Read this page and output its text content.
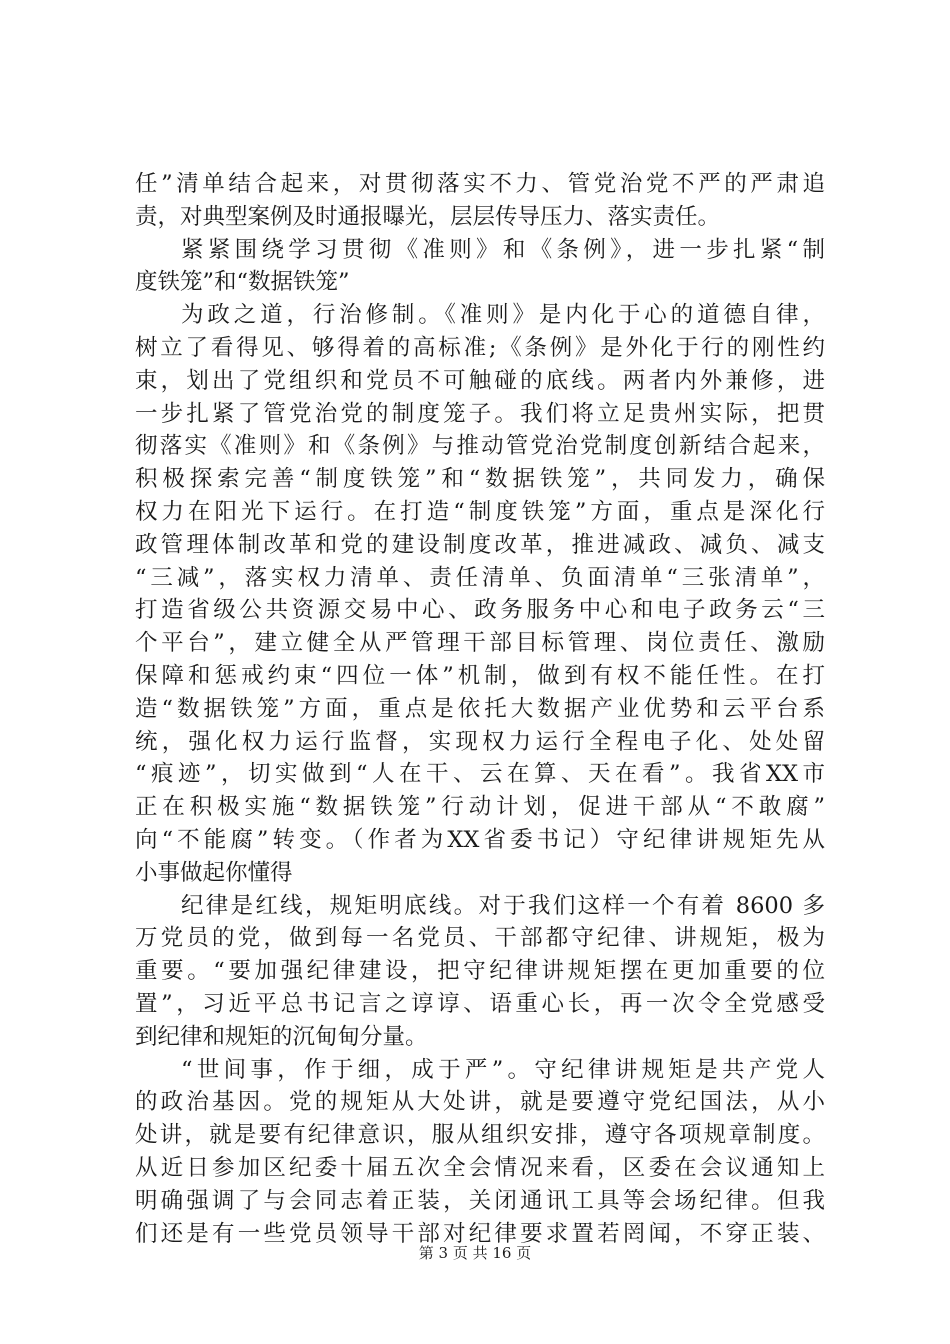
任”清单结合起来，对贯彻落实不力、管党治党不严的严肃追
责，对典型案例及时通报曝光，层层传导压力、落实责任。
紧紧围绕学习贯彻《准则》和《条例》，进一步扎紧“制
度铁笼”和“数据铁笼”
为政之道，行治修制。《准则》是内化于心的道德自律，
树立了看得见、够得着的高标准;《条例》是外化于行的刚性约
束，划出了党组织和党员不可触碰的底线。两者内外兼修，进
一步扎紧了管党治党的制度笼子。我们将立足贵州实际，把贯
彻落实《准则》和《条例》与推动管党治党制度创新结合起来，
积极探索完善“制度铁笼”和“数据铁笼”，共同发力，确保
权力在阳光下运行。在打造“制度铁笼”方面，重点是深化行
政管理体制改革和党的建设制度改革，推进减政、减负、减支
“三减”，落实权力清单、责任清单、负面清单“三张清单”，
打造省级公共资源交易中心、政务服务中心和电子政务云“三
个平台”，建立健全从严管理干部目标管理、岗位责任、激励
保障和惩戒约束“四位一体”机制，做到有权不能任性。在打
造“数据铁笼”方面，重点是依托大数据产业优势和云平台系
统，强化权力运行监督，实现权力运行全程电子化、处处留
“痕迹”，切实做到“人在干、云在算、天在看”。我省XX市
正在积极实施“数据铁笼”行动计划，促进干部从“不敢腐”
向“不能腐”转变。（作者为XX省委书记）守纪律讲规矩先从
小事做起你懂得
纪律是红线，规矩明底线。对于我们这样一个有着 8600 多
万党员的党，做到每一名党员、干部都守纪律、讲规矩，极为
重要。“要加强纪律建设，把守纪律讲规矩摆在更加重要的位
置”，习近平总书记言之谆谆、语重心长，再一次令全党感受
到纪律和规矩的沉甸甸分量。
“世间事，作于细，成于严”。守纪律讲规矩是共产党人
的政治基因。党的规矩从大处讲，就是要遵守党纪国法，从小
处讲，就是要有纪律意识，服从组织安排，遵守各项规章制度。
从近日参加区纪委十届五次全会情况来看，区委在会议通知上
明确强调了与会同志着正装，关闭通讯工具等会场纪律。但我
们还是有一些党员领导干部对纪律要求置若罔闻，不穿正装、
第 3 页 共 16 页
